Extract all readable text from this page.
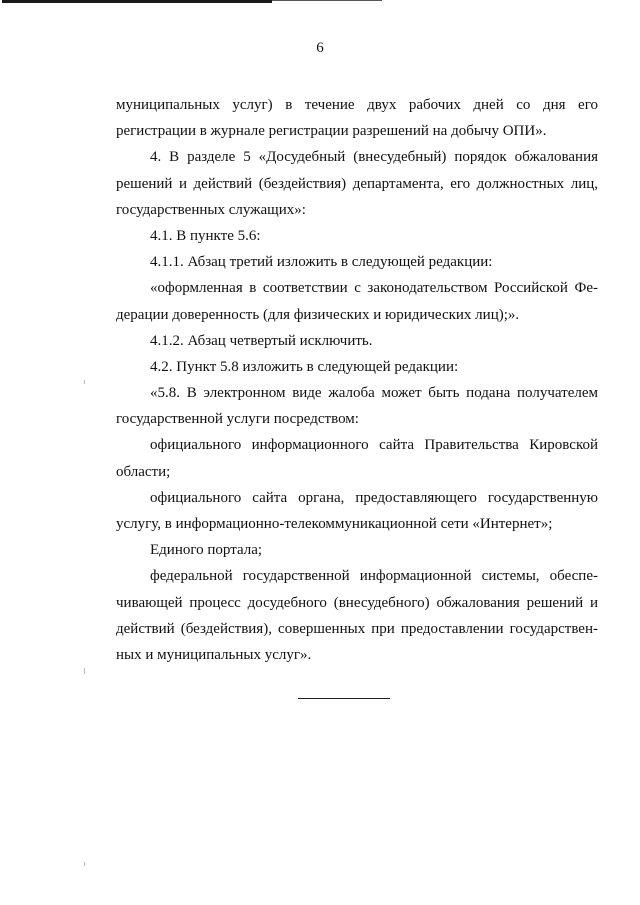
6
муниципальных услуг) в течение двух рабочих дней со дня его
регистрации в журнале регистрации разрешений на добычу ОПИ».
4. В разделе 5 «Досудебный (внесудебный) порядок обжалования
решений и действий (бездействия) департамента, его должностных лиц,
государственных служащих»:
4.1. В пункте 5.6:
4.1.1. Абзац третий изложить в следующей редакции:
«оформленная в соответствии с законодательством Российской Фе-
дерации доверенность (для физических и юридических лиц);».
4.1.2. Абзац четвертый исключить.
4.2. Пункт 5.8 изложить в следующей редакции:
«5.8. В электронном виде жалоба может быть подана получателем
государственной услуги посредством:
официального информационного сайта Правительства Кировской
области;
официального сайта органа, предоставляющего государственную
услугу, в информационно-телекоммуникационной сети «Интернет»;
Единого портала;
федеральной государственной информационной системы, обеспе-
чивающей процесс досудебного (внесудебного) обжалования решений и
действий (бездействия), совершенных при предоставлении государствен-
ных и муниципальных услуг».
